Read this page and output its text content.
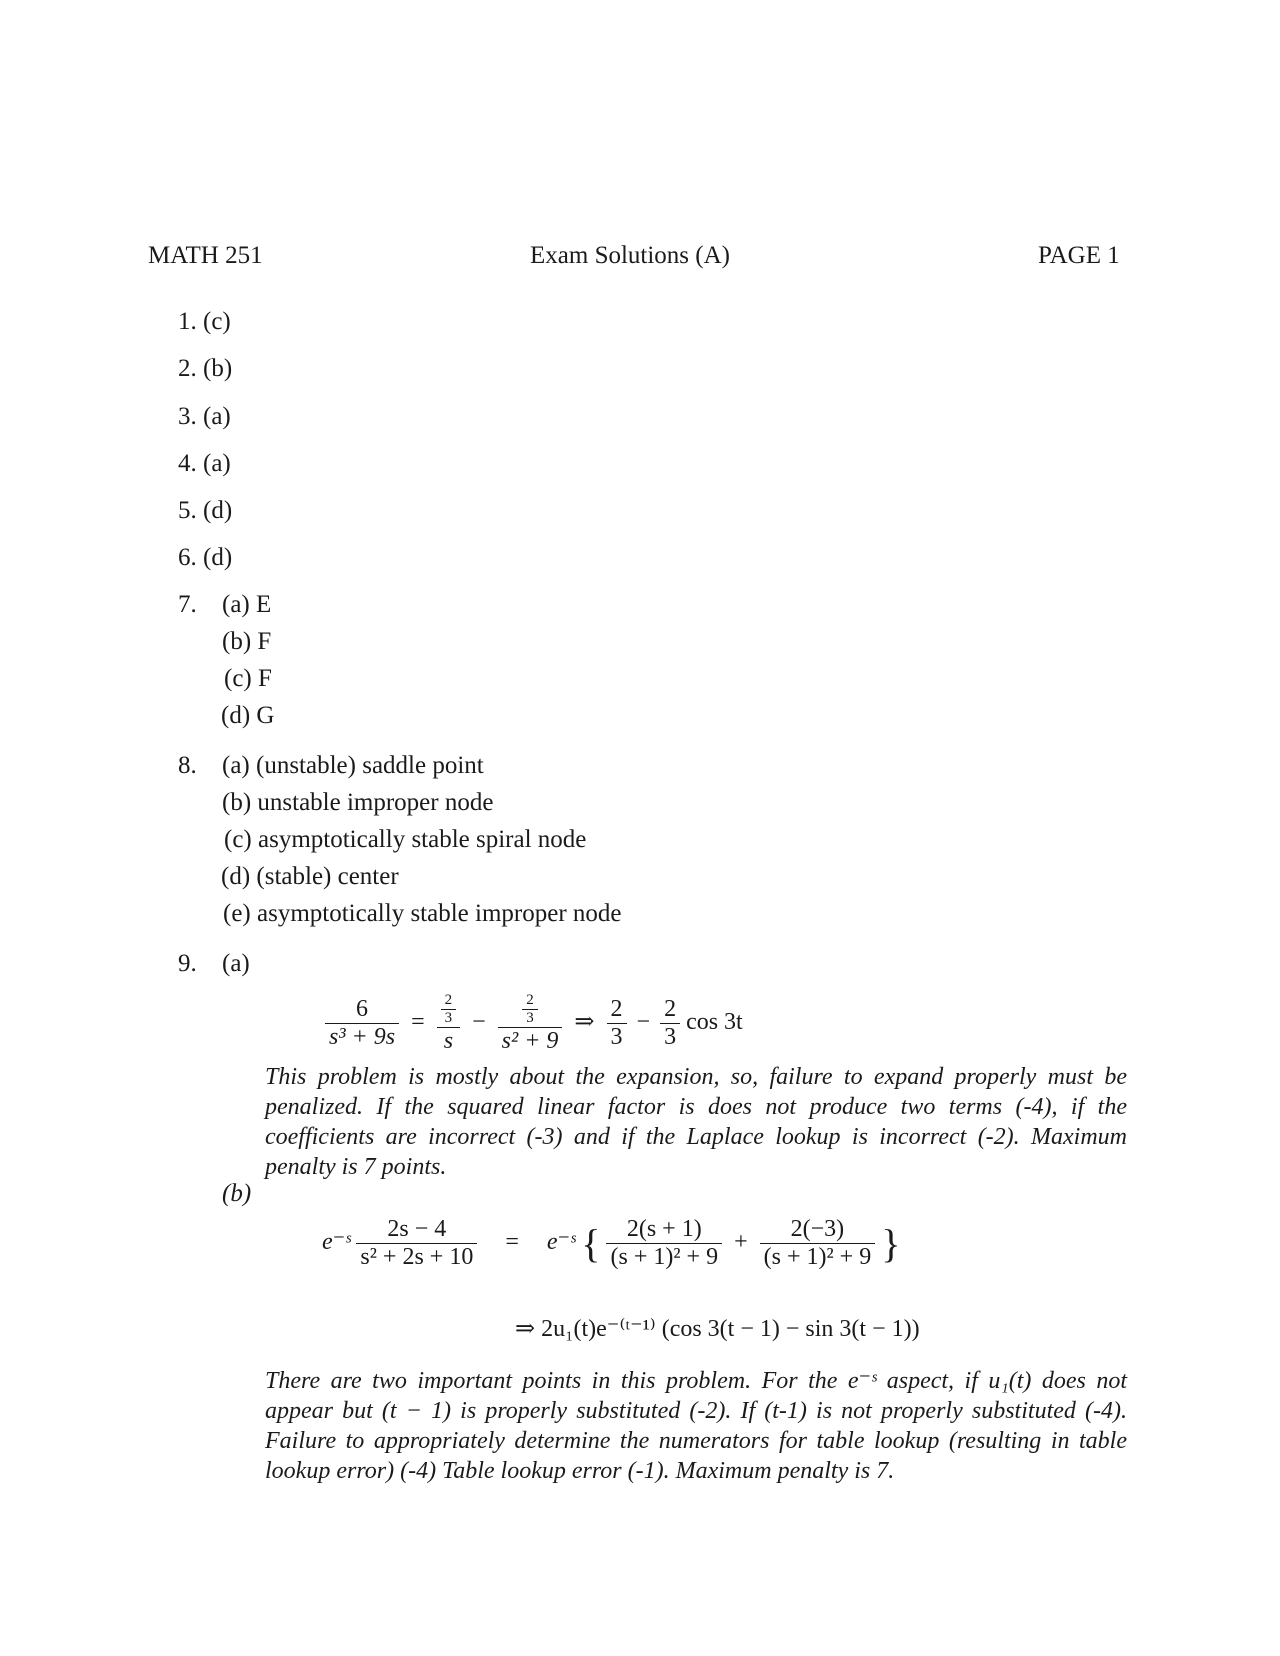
MATH 251	Exam Solutions (A)	PAGE 1
1. (c)
2. (b)
3. (a)
4. (a)
5. (d)
6. (d)
7. (a) E
(b) F
(c) F
(d) G
8. (a) (unstable) saddle point
(b) unstable improper node
(c) asymptotically stable spiral node
(d) (stable) center
(e) asymptotically stable improper node
9. (a)
$\frac{6}{\text{s³ + 9s}} = \frac{\frac{2}{3}}{s} - \frac{\frac{2}{3}}{\text{s² + 9}}$ ⇒ $\frac{2}{3} - \frac{2}{3}$ cos 3t
This problem is mostly about the expansion, so, failure to expand properly must be penalized. If the squared linear factor is does not produce two terms (-4), if the coefficients are incorrect (-3) and if the Laplace lookup is incorrect (-2). Maximum penalty is 7 points.
(b)
e⁻ˢ $\frac{2s - 4}{\text{s² + 2s + 10}}$ = e⁻ˢ { $\frac{2(s + 1)}{\text{(s + 1)² + 9}} + \frac{2(-3)}{\text{(s + 1)² + 9}}$ }
⇒ 2u₁(t)e⁻⁽ᵗ⁻¹⁾ (cos 3(t − 1) − sin 3(t − 1))
There are two important points in this problem. For the e⁻ˢ aspect, if u₁(t) does not appear but (t − 1) is properly substituted (-2). If (t-1) is not properly substituted (-4). Failure to appropriately determine the numerators for table lookup (resulting in table lookup error) (-4) Table lookup error (-1). Maximum penalty is 7.
